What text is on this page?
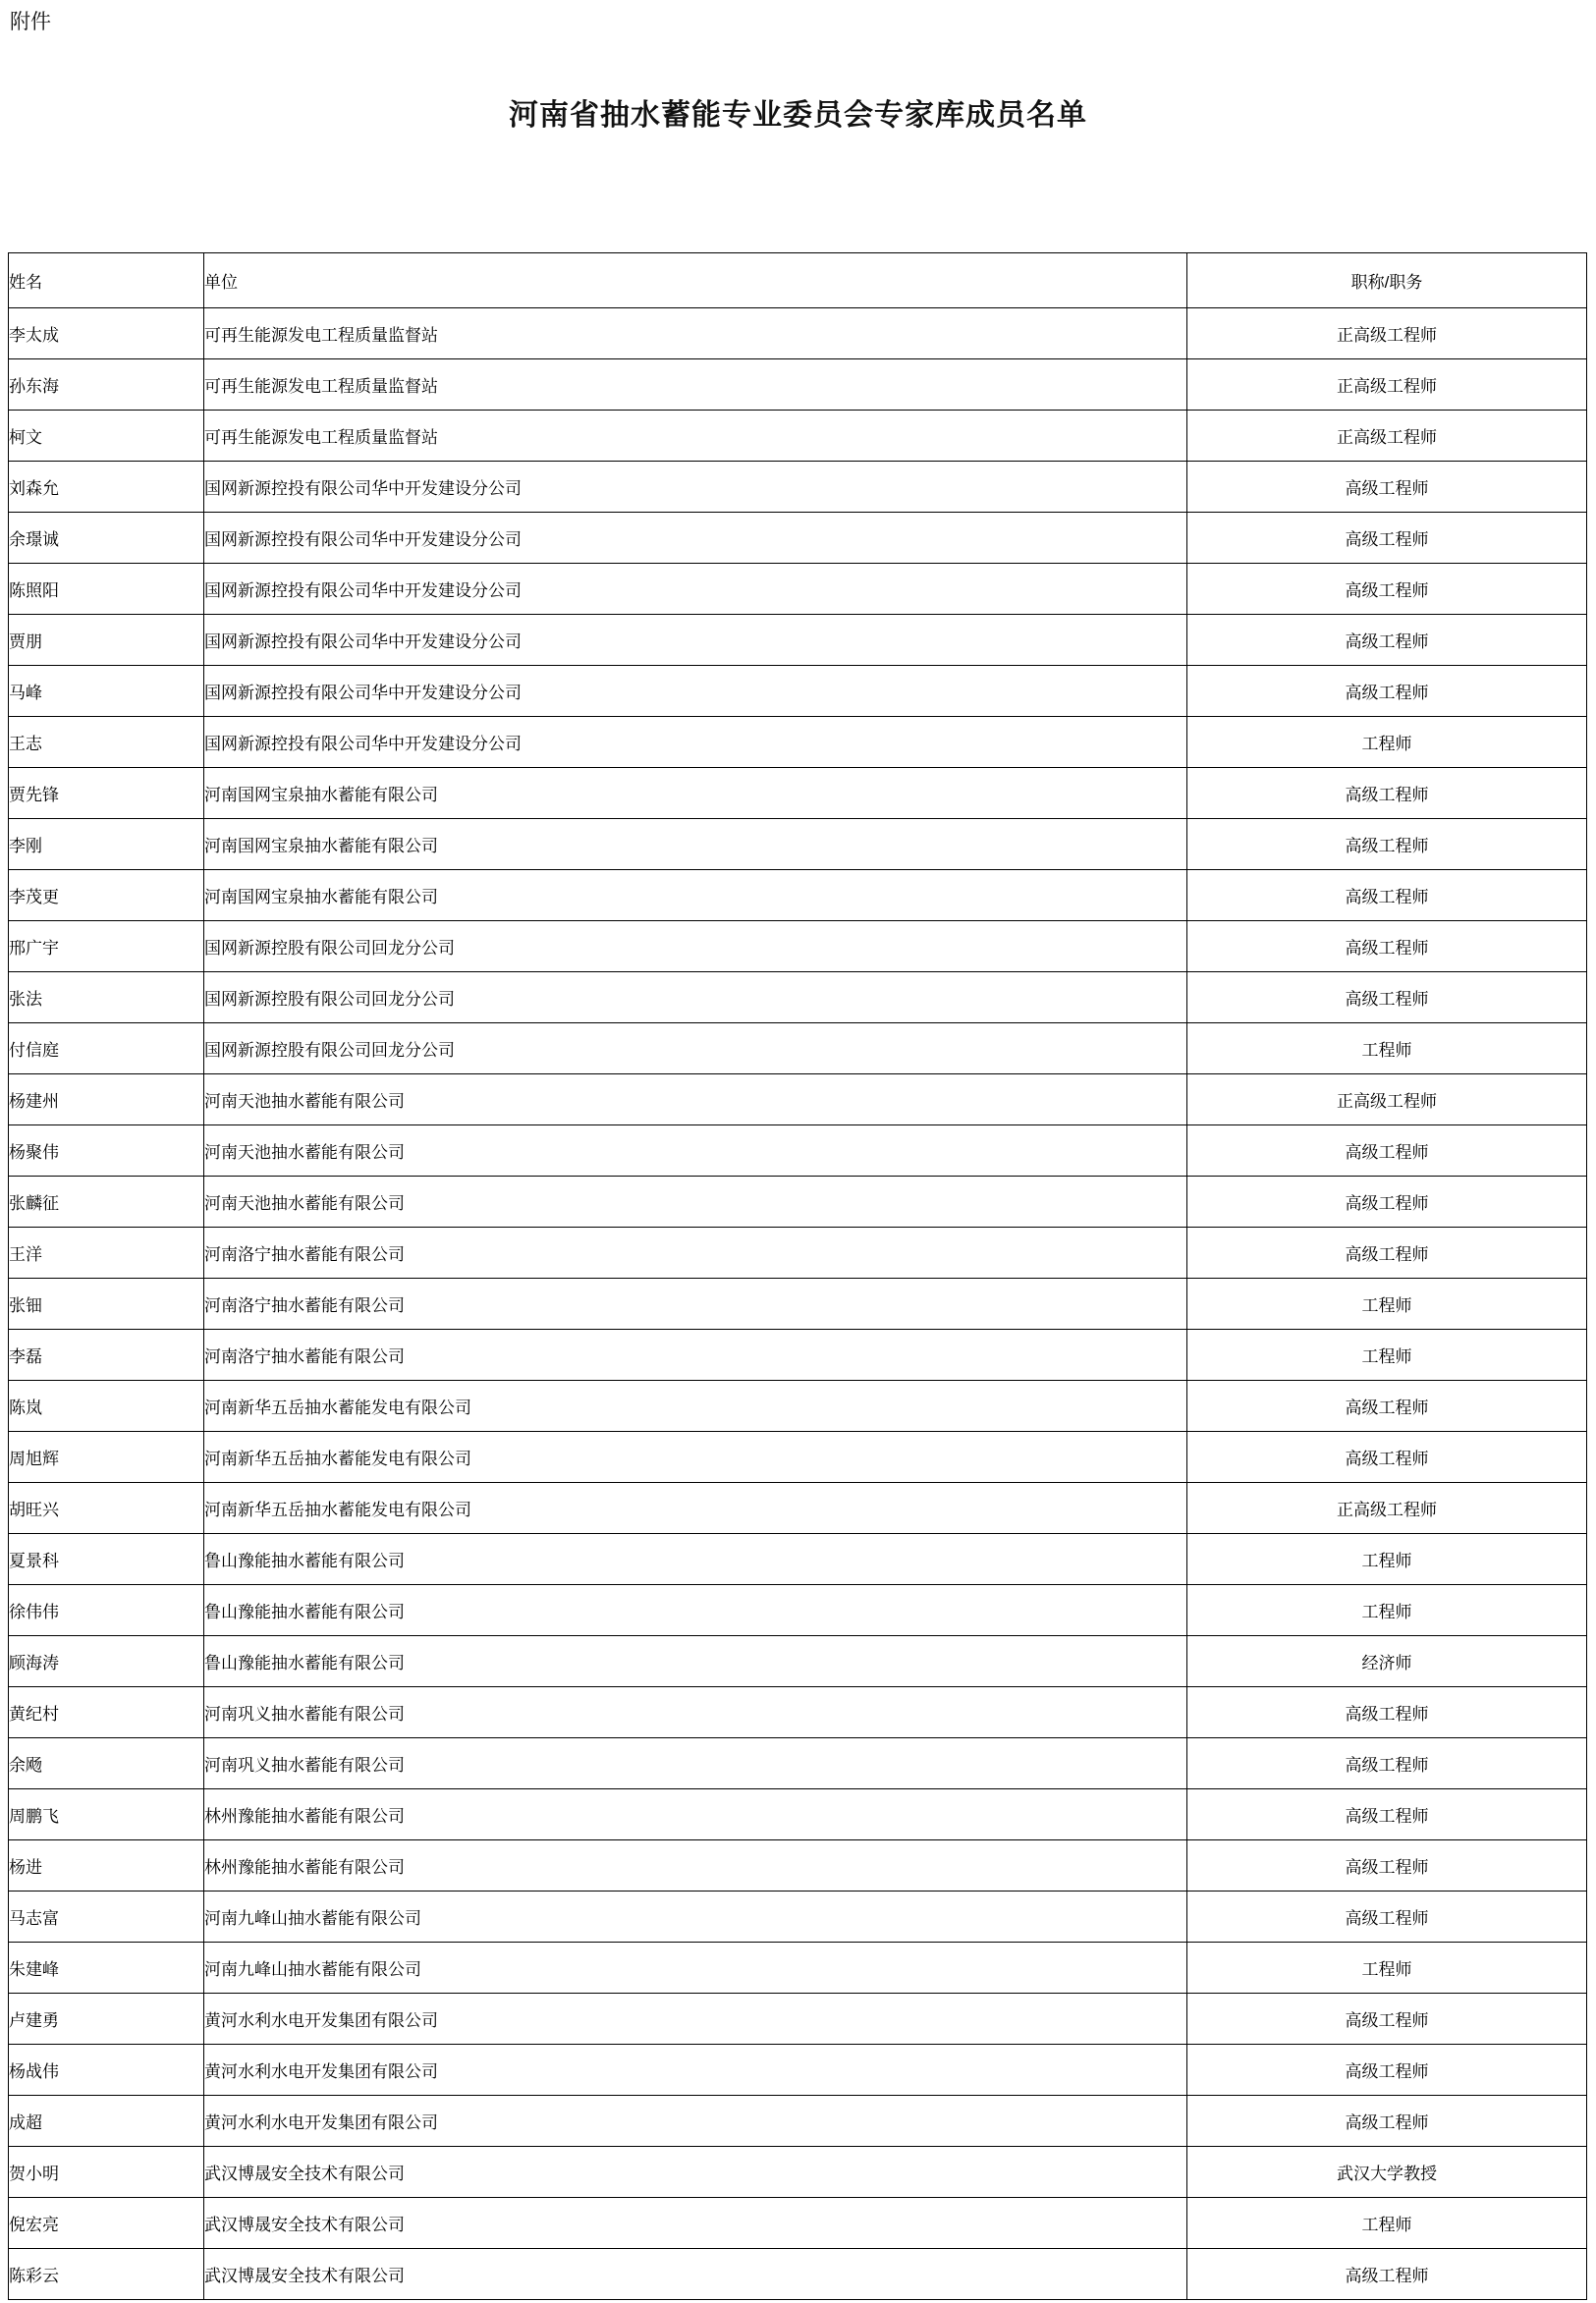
附件
河南省抽水蓄能专业委员会专家库成员名单
姓名	单位	职称/职务
李太成	可再生能源发电工程质量监督站	正高级工程师
孙东海	可再生能源发电工程质量监督站	正高级工程师
柯文	可再生能源发电工程质量监督站	正高级工程师
刘森允	国网新源控投有限公司华中开发建设分公司	高级工程师
余璟诚	国网新源控投有限公司华中开发建设分公司	高级工程师
陈照阳	国网新源控投有限公司华中开发建设分公司	高级工程师
贾朋	国网新源控投有限公司华中开发建设分公司	高级工程师
马峰	国网新源控投有限公司华中开发建设分公司	高级工程师
王志	国网新源控投有限公司华中开发建设分公司	工程师
贾先锋	河南国网宝泉抽水蓄能有限公司	高级工程师
李刚	河南国网宝泉抽水蓄能有限公司	高级工程师
李茂更	河南国网宝泉抽水蓄能有限公司	高级工程师
邢广宇	国网新源控股有限公司回龙分公司	高级工程师
张法	国网新源控股有限公司回龙分公司	高级工程师
付信庭	国网新源控股有限公司回龙分公司	工程师
杨建州	河南天池抽水蓄能有限公司	正高级工程师
杨聚伟	河南天池抽水蓄能有限公司	高级工程师
张麟征	河南天池抽水蓄能有限公司	高级工程师
王洋	河南洛宁抽水蓄能有限公司	高级工程师
张钿	河南洛宁抽水蓄能有限公司	工程师
李磊	河南洛宁抽水蓄能有限公司	工程师
陈岚	河南新华五岳抽水蓄能发电有限公司	高级工程师
周旭辉	河南新华五岳抽水蓄能发电有限公司	高级工程师
胡旺兴	河南新华五岳抽水蓄能发电有限公司	正高级工程师
夏景科	鲁山豫能抽水蓄能有限公司	工程师
徐伟伟	鲁山豫能抽水蓄能有限公司	工程师
顾海涛	鲁山豫能抽水蓄能有限公司	经济师
黄纪村	河南巩义抽水蓄能有限公司	高级工程师
余飏	河南巩义抽水蓄能有限公司	高级工程师
周鹏飞	林州豫能抽水蓄能有限公司	高级工程师
杨进	林州豫能抽水蓄能有限公司	高级工程师
马志富	河南九峰山抽水蓄能有限公司	高级工程师
朱建峰	河南九峰山抽水蓄能有限公司	工程师
卢建勇	黄河水利水电开发集团有限公司	高级工程师
杨战伟	黄河水利水电开发集团有限公司	高级工程师
成超	黄河水利水电开发集团有限公司	高级工程师
贺小明	武汉博晟安全技术有限公司	武汉大学教授
倪宏亮	武汉博晟安全技术有限公司	工程师
陈彩云	武汉博晟安全技术有限公司	高级工程师
